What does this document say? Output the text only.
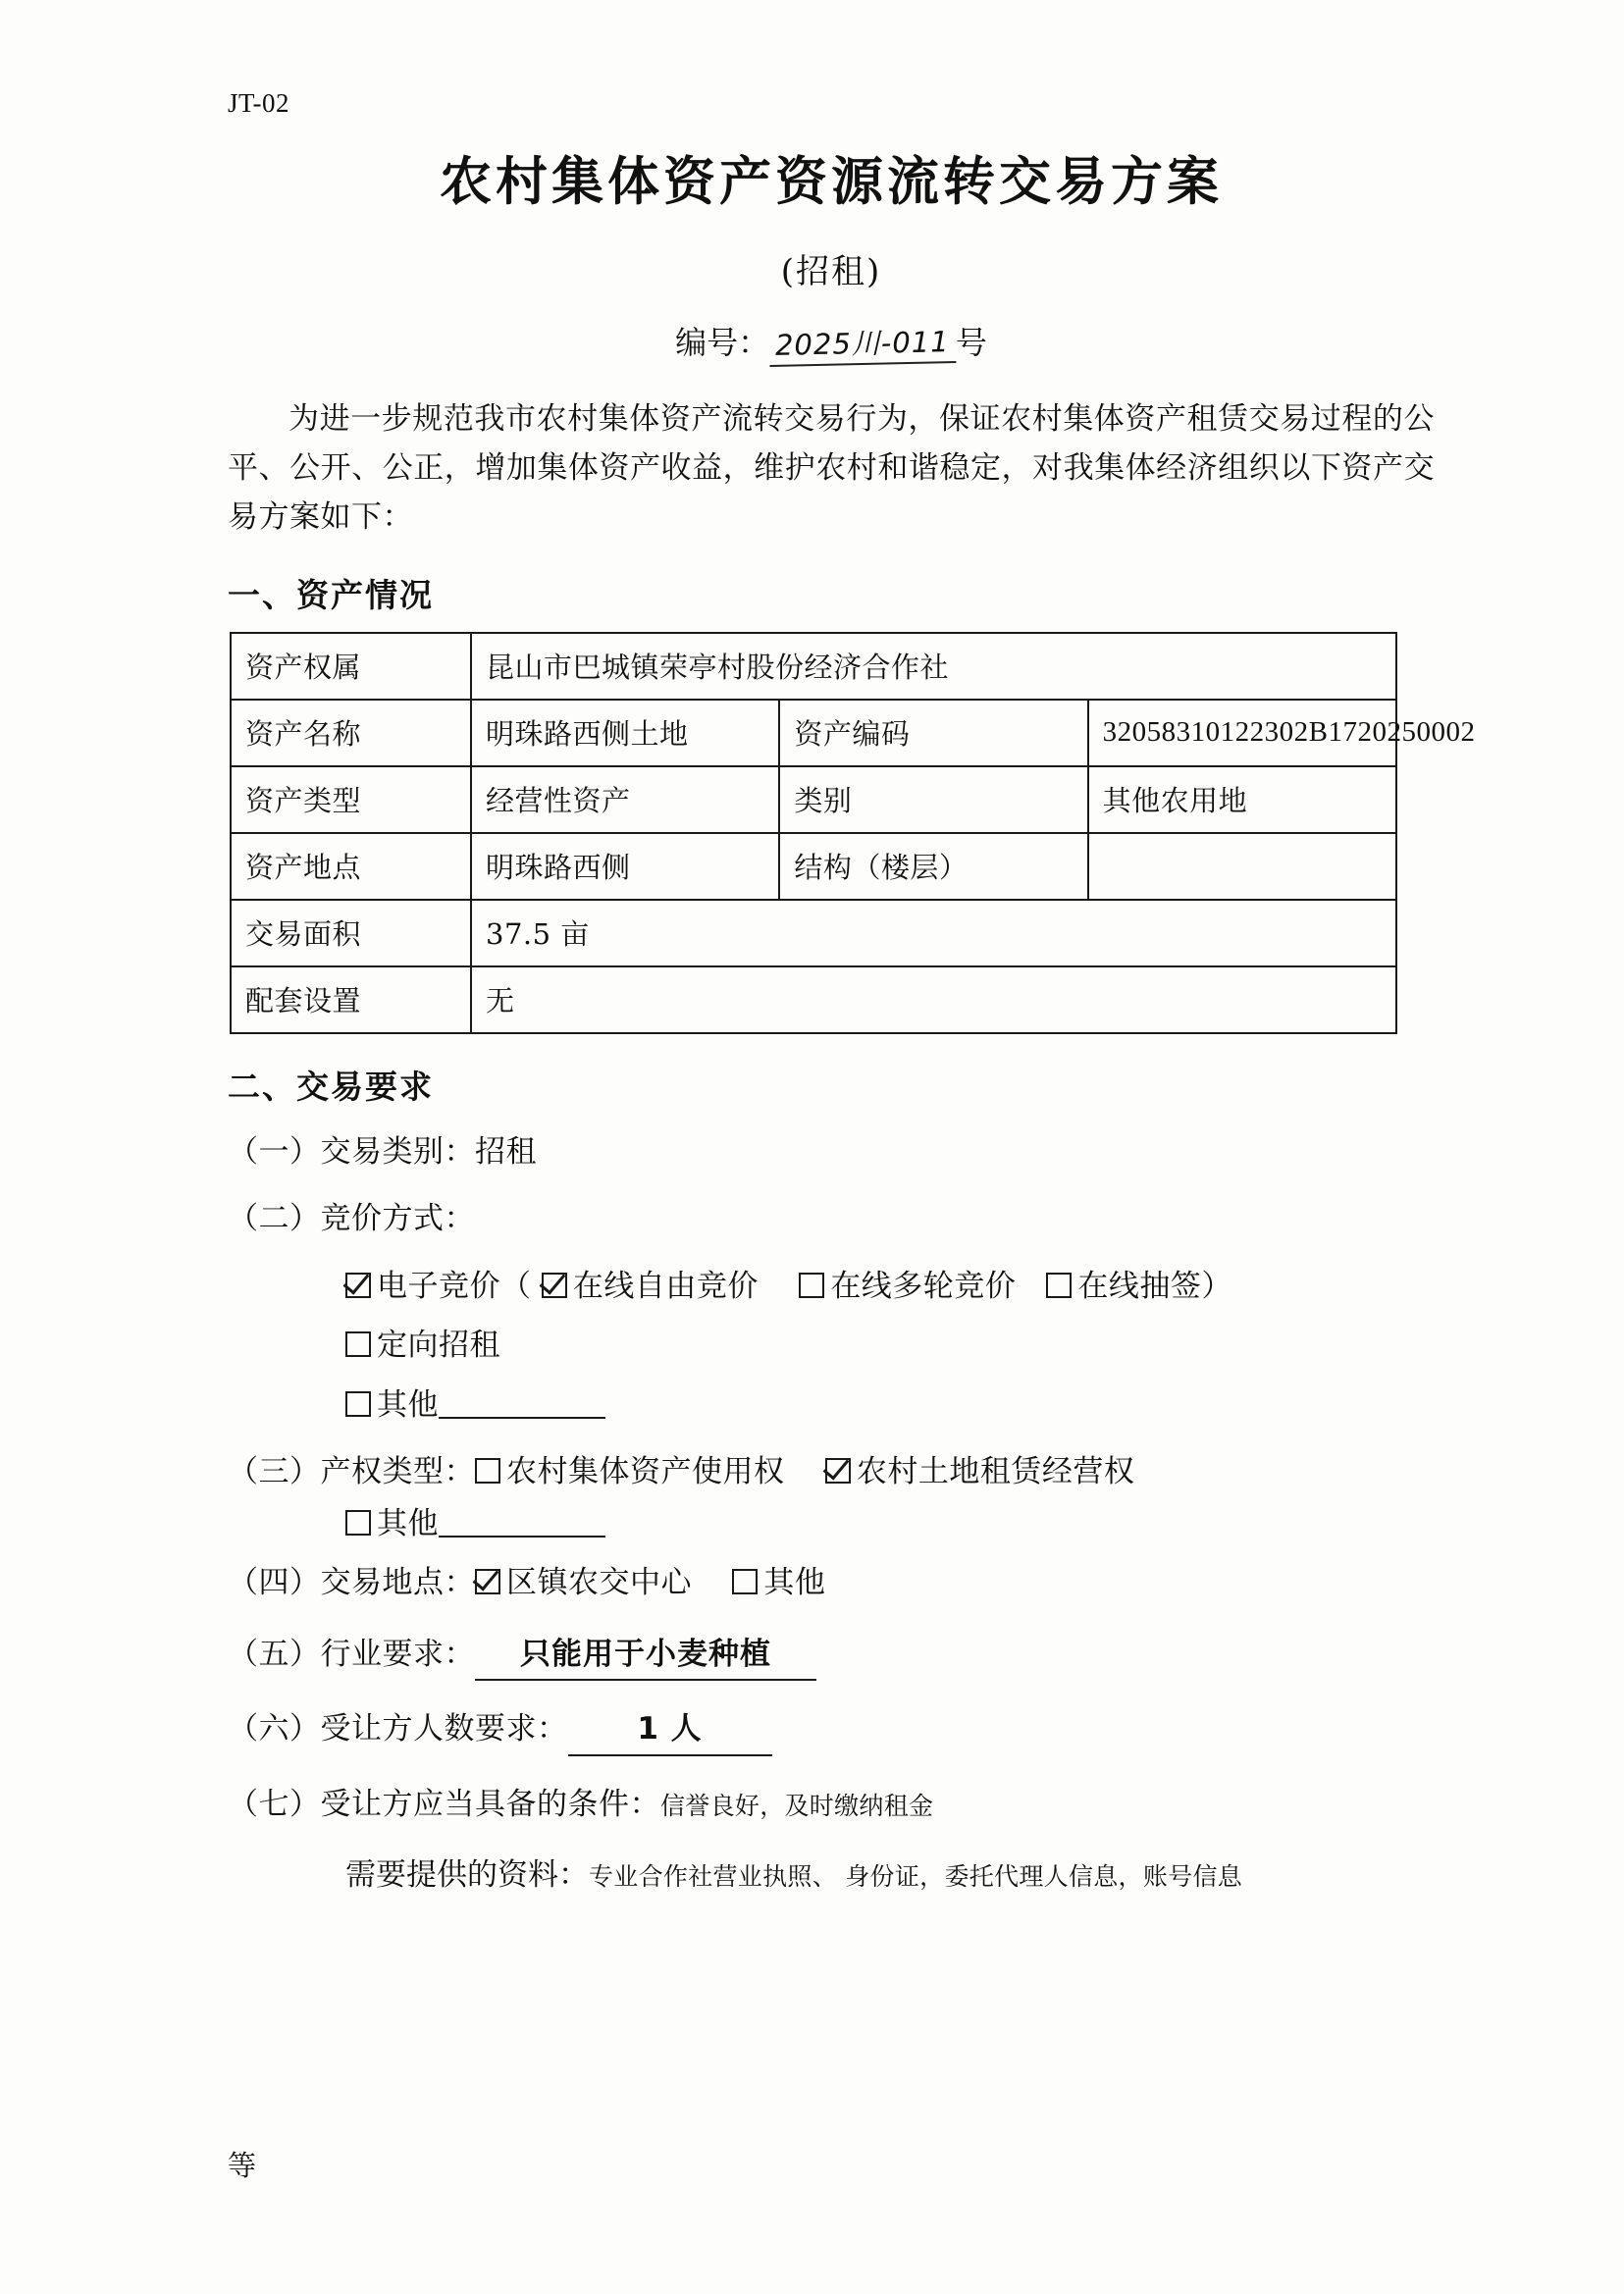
JT-02
农村集体资产资源流转交易方案
(招租)
编号： 2025川-011 号
为进一步规范我市农村集体资产流转交易行为，保证农村集体资产租赁交易过程的公平、公开、公正，增加集体资产收益，维护农村和谐稳定，对我集体经济组织以下资产交易方案如下：
一、资产情况
资产权属	昆山市巴城镇荣亭村股份经济合作社		
资产名称	明珠路西侧土地	资产编码	32058310122302B1720250002
资产类型	经营性资产	类别	其他农用地
资产地点	明珠路西侧	结构（楼层）	
交易面积	37.5 亩		
配套设置	无		
二、交易要求
（一）交易类别：招租
（二）竞价方式：
电子竞价（ 在线自由竞价 在线多轮竞价 在线抽签）
定向招租
其他
（三）产权类型： 农村集体资产使用权 农村土地租赁经营权
其他
（四）交易地点： 区镇农交中心 其他
（五）行业要求： 只能用于小麦种植
（六）受让方人数要求： 1 人
（七）受让方应当具备的条件：信誉良好，及时缴纳租金
需要提供的资料：专业合作社营业执照、 身份证，委托代理人信息，账号信息
等
